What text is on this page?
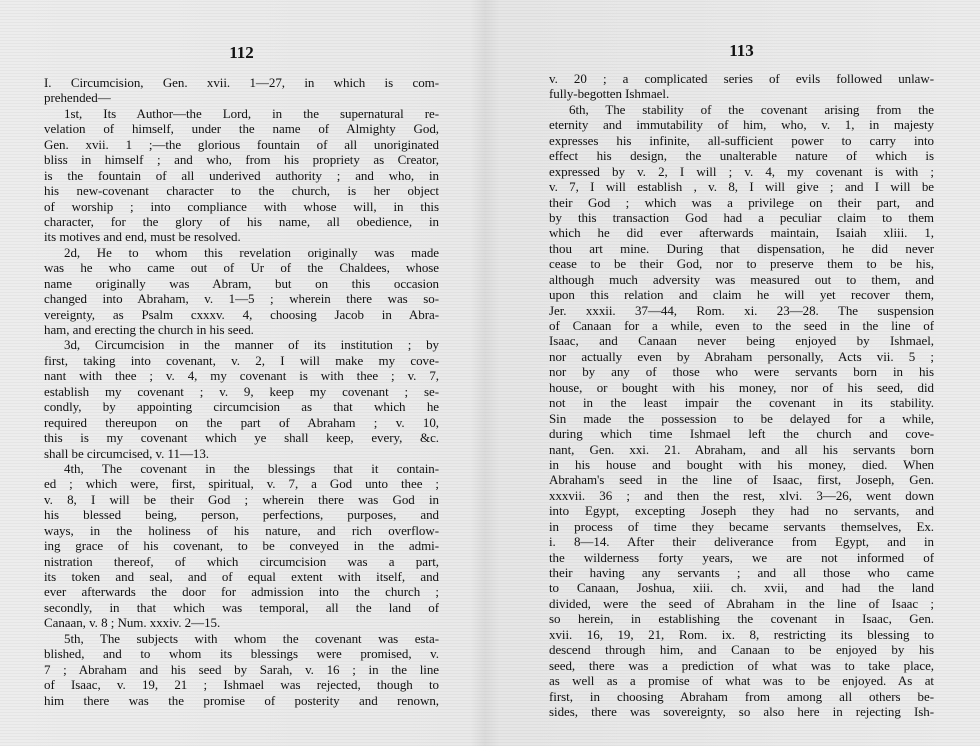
112
I. Circumcision, Gen. xvii. 1—27, in which is com-
prehended—
1st, Its Author—the Lord, in the supernatural re-
velation of himself, under the name of Almighty God,
Gen. xvii. 1 ;—the glorious fountain of all unoriginated
bliss in himself ; and who, from his propriety as Creator,
is the fountain of all underived authority ; and who, in
his new-covenant character to the church, is her object
of worship ; into compliance with whose will, in this
character, for the glory of his name, all obedience, in
its motives and end, must be resolved.
2d, He to whom this revelation originally was made
was he who came out of Ur of the Chaldees, whose
name originally was Abram, but on this occasion
changed into Abraham, v. 1—5 ; wherein there was so-
vereignty, as Psalm cxxxv. 4, choosing Jacob in Abra-
ham, and erecting the church in his seed.
3d, Circumcision in the manner of its institution ; by
first, taking into covenant, v. 2, I will make my cove-
nant with thee ; v. 4, my covenant is with thee ; v. 7,
establish my covenant ; v. 9, keep my covenant ; se-
condly, by appointing circumcision as that which he
required thereupon on the part of Abraham ; v. 10,
this is my covenant which ye shall keep, every, &c.
shall be circumcised, v. 11—13.
4th, The covenant in the blessings that it contain-
ed ; which were, first, spiritual, v. 7, a God unto thee ;
v. 8, I will be their God ; wherein there was God in
his blessed being, person, perfections, purposes, and
ways, in the holiness of his nature, and rich overflow-
ing grace of his covenant, to be conveyed in the admi-
nistration thereof, of which circumcision was a part,
its token and seal, and of equal extent with itself, and
ever afterwards the door for admission into the church ;
secondly, in that which was temporal, all the land of
Canaan, v. 8 ; Num. xxxiv. 2—15.
5th, The subjects with whom the covenant was esta-
blished, and to whom its blessings were promised, v.
7 ; Abraham and his seed by Sarah, v. 16 ; in the line
of Isaac, v. 19, 21 ; Ishmael was rejected, though to
him there was the promise of posterity and renown,
113
v. 20 ; a complicated series of evils followed unlaw-
fully-begotten Ishmael.
6th, The stability of the covenant arising from the
eternity and immutability of him, who, v. 1, in majesty
expresses his infinite, all-sufficient power to carry into
effect his design, the unalterable nature of which is
expressed by v. 2, I will ; v. 4, my covenant is with ;
v. 7, I will establish , v. 8, I will give ; and I will be
their God ; which was a privilege on their part, and
by this transaction God had a peculiar claim to them
which he did ever afterwards maintain, Isaiah xliii. 1,
thou art mine. During that dispensation, he did never
cease to be their God, nor to preserve them to be his,
although much adversity was measured out to them, and
upon this relation and claim he will yet recover them,
Jer. xxxii. 37—44, Rom. xi. 23—28. The suspension
of Canaan for a while, even to the seed in the line of
Isaac, and Canaan never being enjoyed by Ishmael,
nor actually even by Abraham personally, Acts vii. 5 ;
nor by any of those who were servants born in his
house, or bought with his money, nor of his seed, did
not in the least impair the covenant in its stability.
Sin made the possession to be delayed for a while,
during which time Ishmael left the church and cove-
nant, Gen. xxi. 21. Abraham, and all his servants born
in his house and bought with his money, died. When
Abraham's seed in the line of Isaac, first, Joseph, Gen.
xxxvii. 36 ; and then the rest, xlvi. 3—26, went down
into Egypt, excepting Joseph they had no servants, and
in process of time they became servants themselves, Ex.
i. 8—14. After their deliverance from Egypt, and in
the wilderness forty years, we are not informed of
their having any servants ; and all those who came
to Canaan, Joshua, xiii. ch. xvii, and had the land
divided, were the seed of Abraham in the line of Isaac ;
so herein, in establishing the covenant in Isaac, Gen.
xvii. 16, 19, 21, Rom. ix. 8, restricting its blessing to
descend through him, and Canaan to be enjoyed by his
seed, there was a prediction of what was to take place,
as well as a promise of what was to be enjoyed. As at
first, in choosing Abraham from among all others be-
sides, there was sovereignty, so also here in rejecting Ish-
